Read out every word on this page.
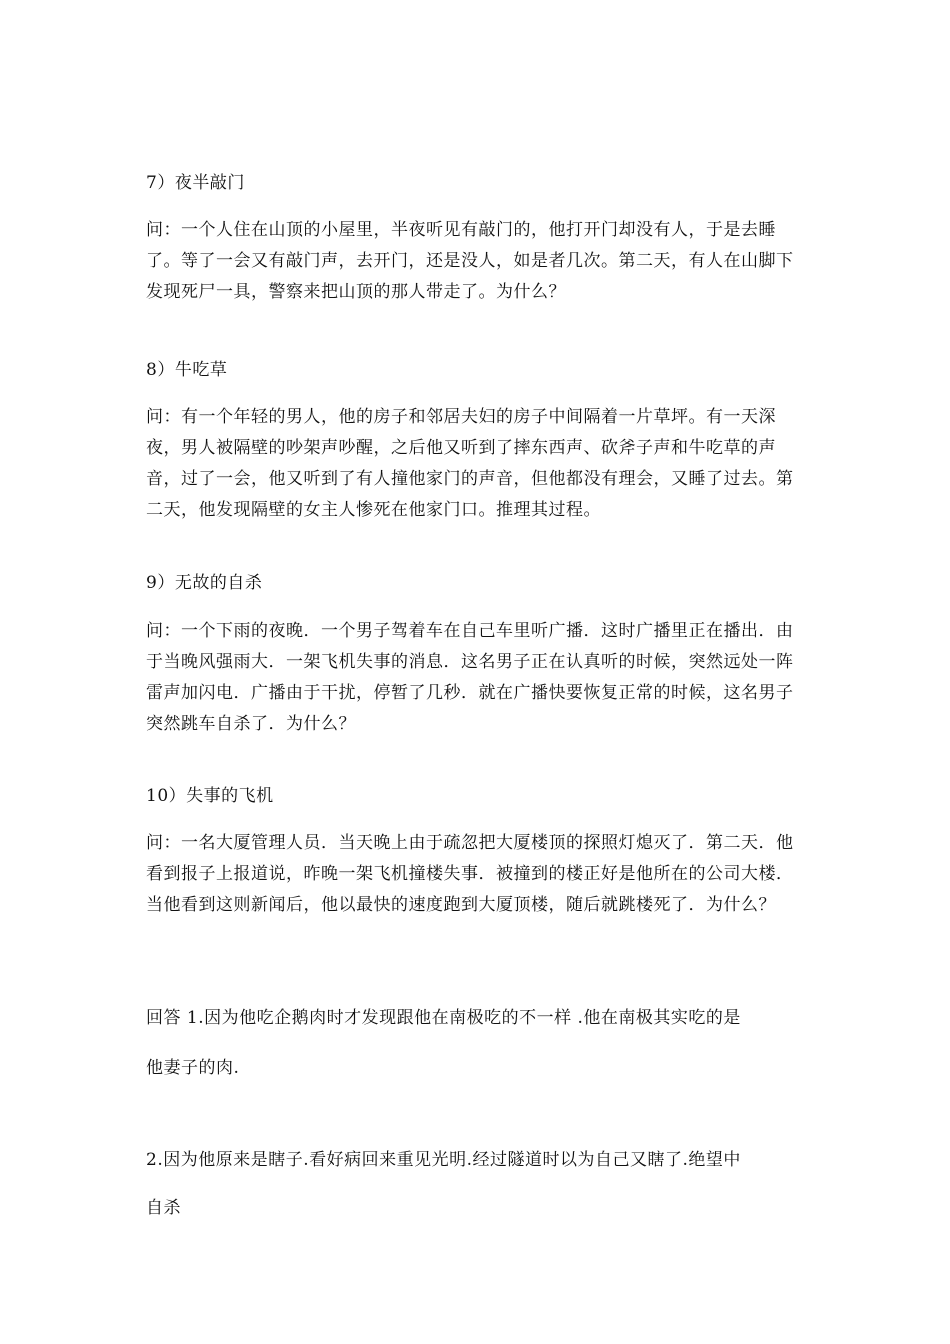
7）夜半敲门

问：一个人住在山顶的小屋里，半夜听见有敲门的，他打开门却没有人，于是去睡了。等了一会又有敲门声，去开门，还是没人，如是者几次。第二天，有人在山脚下发现死尸一具，警察来把山顶的那人带走了。为什么？

8）牛吃草

问：有一个年轻的男人，他的房子和邻居夫妇的房子中间隔着一片草坪。有一天深夜，男人被隔壁的吵架声吵醒，之后他又听到了摔东西声、砍斧子声和牛吃草的声音，过了一会，他又听到了有人撞他家门的声音，但他都没有理会，又睡了过去。第二天，他发现隔壁的女主人惨死在他家门口。推理其过程。

9）无故的自杀

问：一个下雨的夜晚．一个男子驾着车在自己车里听广播．这时广播里正在播出．由于当晚风强雨大．一架飞机失事的消息．这名男子正在认真听的时候，突然远处一阵雷声加闪电．广播由于干扰，停暂了几秒．就在广播快要恢复正常的时候，这名男子突然跳车自杀了．为什么？

10）失事的飞机

问：一名大厦管理人员．当天晚上由于疏忽把大厦楼顶的探照灯熄灭了．第二天．他看到报子上报道说，昨晚一架飞机撞楼失事．被撞到的楼正好是他所在的公司大楼．当他看到这则新闻后，他以最快的速度跑到大厦顶楼，随后就跳楼死了．为什么？

回答 1.因为他吃企鹅肉时才发现跟他在南极吃的不一样 .他在南极其实吃的是

他妻子的肉.

2.因为他原来是瞎子.看好病回来重见光明.经过隧道时以为自己又瞎了.绝望中

自杀
